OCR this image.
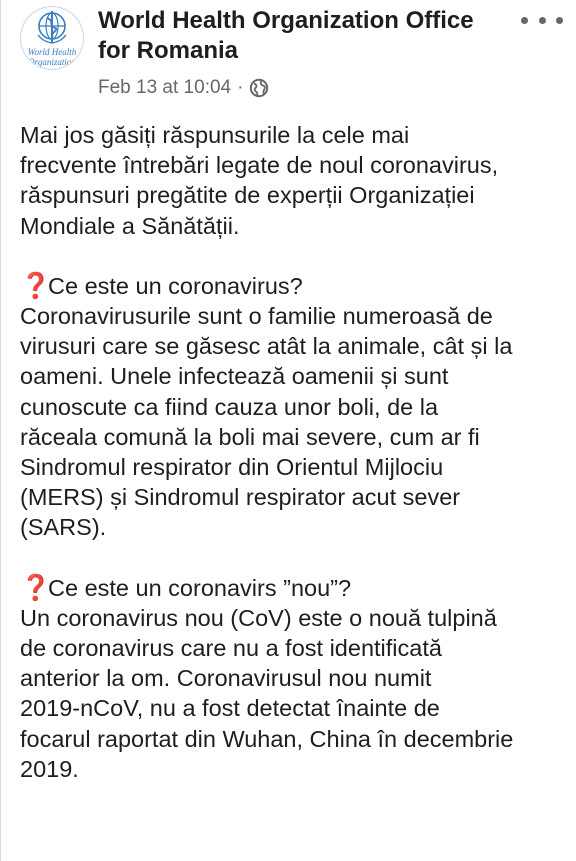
World Health
Organization
World Health Organization Office for Romania
Feb 13 at 10:04 ·

Mai jos găsiți răspunsurile la cele mai

frecvente întrebări legate de noul coronavirus,

răspunsuri pregătite de experții Organizației

Mondiale a Sănătății.

❓Ce este un coronavirus?

Coronavirusurile sunt o familie numeroasă de

virusuri care se găsesc atât la animale, cât și la

oameni. Unele infectează oamenii și sunt

cunoscute ca fiind cauza unor boli, de la

răceala comună la boli mai severe, cum ar fi

Sindromul respirator din Orientul Mijlociu

(MERS) și Sindromul respirator acut sever

(SARS).

❓Ce este un coronavirs ”nou”?

Un coronavirus nou (CoV) este o nouă tulpină

de coronavirus care nu a fost identificată

anterior la om. Coronavirusul nou numit

2019-nCoV, nu a fost detectat înainte de

focarul raportat din Wuhan, China în decembrie

2019.
